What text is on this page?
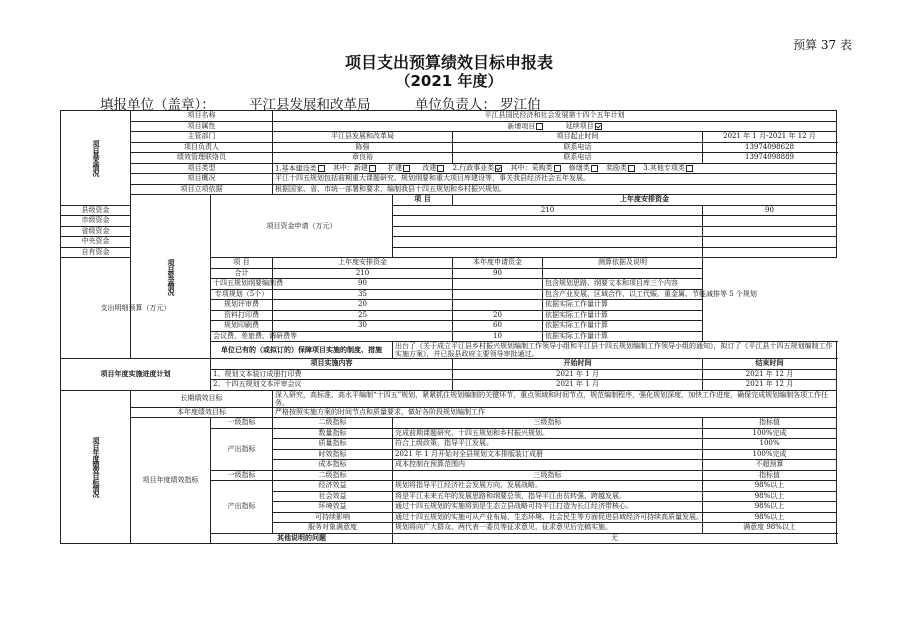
预算 37 表
项目支出预算绩效目标申报表
（2021 年度）
填报单位（盖章）：	平江县发展和改革局	单位负责人： 罗江伯
项目基本情况	项目名称		平江县国民经济和社会发展第十四个五年计划					
	项目属性		新增项目 延续项目					
	主管部门		平江县发展和改革局		项目起止时间		2021 年 1 月-2021 年 12 月	
	项目负责人		陈强		联系电话		13974098628	
	绩效管理联络员		章良裕		联系电话		13974098889	
	项目类型		1.基本建设类 其中：新建 扩建 改建 2.行政事业类 其中：采购类 修缮类 奖励类 3.其他专项类					
	项目概况		平江十四五规划包括前期重大课题研究、规划纲要和重大项目库建设等，事关我县经济社会五年发展。					
	项目立项依据		根据国家、省、市统一部署和要求，编制我县十四五规划和乡村振兴规划。					
	项目资金情况	项目资金申请（万元）		项 目	上年度安排资金	
县级资金				210			90	
市级资金								
省级资金								
中央资金								
自有资金								
支出明细预算（万元）		项 目	上年度安排资金		本年度申请资金	测算依据及说明		
		合计	210		90			
		十四五规划纲要编制费	90			包含规划思路、纲要文本和项目库三个内容		
		专项规划（5个）	35			包含产业发展、区域合作、以工代赈、重金属、节能减排等 5 个规划		
		规划评审费	20			依据实际工作量计算		
		资料打印费	25		20	依据实际工作量计算		
		规划印刷费	30		60	依据实际工作量计算		
		会议费、差旅费、调研费等			10	依据实际工作量计算		
		单位已有的（或拟订的）保障项目实施的制度、措施		出台了《关于成立平江县乡村振兴规划编制工作领导小组和平江县十四五规划编制工作领导小组的通知》，拟订了《平江县十四五规划编制工作实施方案》，并已报县政府主要领导审批通过。				
项目年度实施进度计划		项目实施内容			开始时间		结束时间	
		1、规划文本装订成册打印费			2021 年 1 月		2021 年 12 月	
		2、十四五规划文本评审会议			2021 年 1 月		2021 年 12 月	
项目年度绩效目标情况	长期绩效目标		深入研究，高标准、高水平编制“十四五”规划，紧紧抓住规划编制的关键环节，重点领域和时间节点，规范编制程序，强化规划深度，加快工作进度，确保完成规划编制各项工作任务。					
	本年度绩效目标		严格按照实施方案的时间节点和质量要求，做好各阶段规划编制工作					
	项目年度绩效指标	一级指标	二级指标	三级指标			指标值	
		产出指标	数量指标	完成前期课题研究、十四五规划和乡村振兴规划。			100%完成	
			质量指标	符合上级政策，指导平江发展。			100%	
			时效指标	2021 年 1 月开始对全县规划文本排版装订成册			100%完成	
			成本指标	成本控制在预算范围内			不超预算	
		一级指标	二级指标	三级指标			指标值	
		产出指标	经济效益	规划将指导平江经济社会发展方向、发展战略。			98%以上	
			社会效益	将是平江未来五年的发展思路和纲要总领，指导平江由贫转强、跨越发展。			98%以上	
			环境效益	通过十四五规划的实施将到是生态立县战略可持平江打造为长江经济带核心。			98%以上	
			可持续影响	通过十四五规划的实施可从产业布局、生态环境、社会民生等方面促进县域经济可持续高质量发展。			98%以上	
			服务对象满意度	规划将向广大群众、两代表一委员等征求意见，征求意见后完稿实施。			满意度 98%以上	
		其他说明的问题		无				
